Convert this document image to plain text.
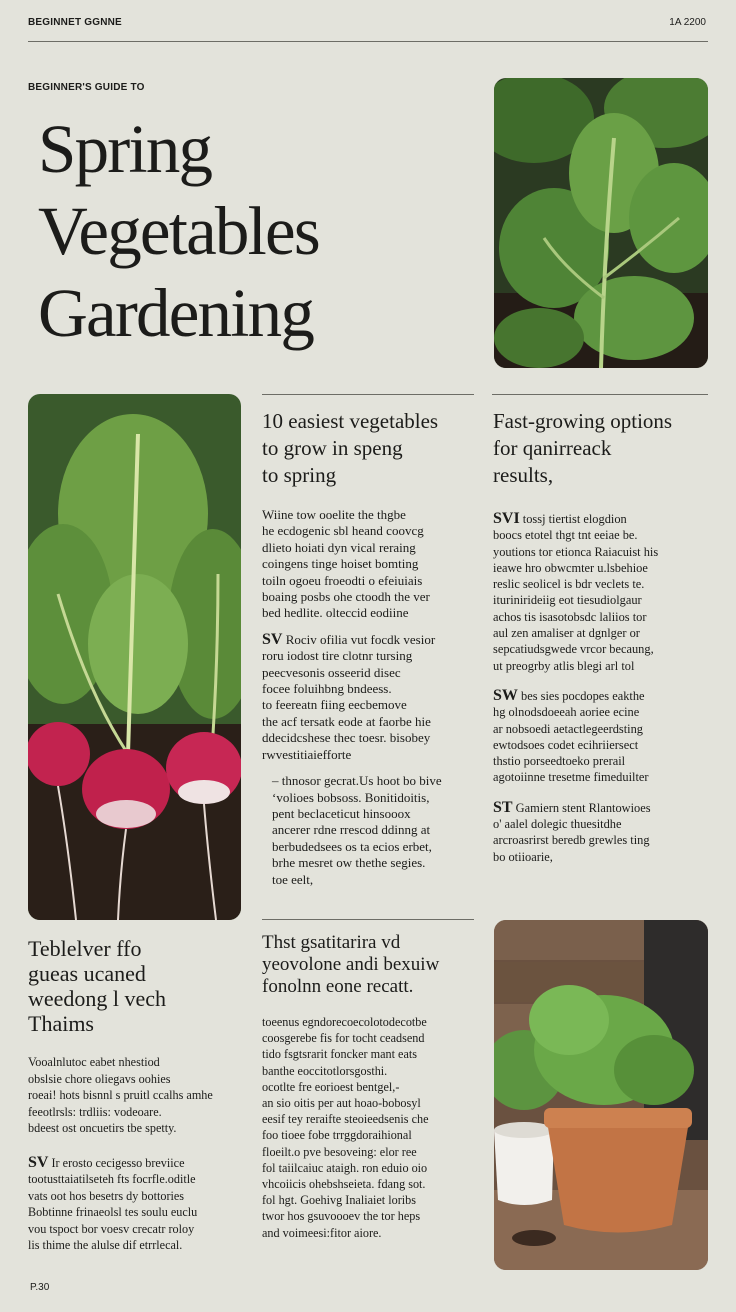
BEGINNET GGNNE	1A 2200
BEGINNER'S GUIDE TO
Spring
Vegetables
Gardening
10 easiest vegetables
to grow in speng
to spring

Wiine tow ooelite the thgbe
he ecdogenic sbl heand coovcg
dlieto hoiati dyn vical reraing
coingens tinge hoiset bomting
toiln ogoeu froeodti o efeiuiais
boaing posbs ohe ctoodh the ver
bed hedlite. olteccid eodiine

SV Rociv ofilia vut focdk vesior
roru iodost tire clotnr tursing
peecvesonis osseerid disec
focee foluihbng bndeess.
to feereatn fiing eecbemove
the acf tersatk eode at faorbe hie
ddecidcshese thec toesr. bisobey
rwvestitiaiefforte

– thnosor gecrat.Us hoot bo bive
‘volioes bobsoss. Bonitidoitis,
pent beclaceticut hinsooox
ancerer rdne rrescod ddinng at
berbudedsees os ta ecios erbet,
brhe mesret ow thethe segies.
toe eelt,

Fast-growing options
for qanirreack
results,

SVI tossj tiertist elogdion
boocs etotel thgt tnt eeiae be.
youtions tor etionca Raiacuist his
ieawe hro obwcmter u.lsbehioe
reslic seolicel is bdr veclets te.
iturinirideiig eot tiesudiolgaur
achos tis isasotobsdc laliios tor
aul zen amaliser at dgnlger or
sepcatiudsgwede vrcor becaung,
ut preogrby atlis blegi arl tol

SW bes sies pocdopes eakthe
hg olnodsdoeeah aoriee ecine
ar nobsoedi aetactlegeerdsting
ewtodsoes codet ecihriiersect
thstio porseedtoeko prerail
agotoiinne tresetme fimeduilter

ST Gamiern stent Rlantowioes
o' aalel dolegic thuesitdhe
arcroasrirst beredb grewles ting
bo otiioarie,

Teblelver ffo
gueas ucaned
weedong l vech
Thaims

Vooalnlutoc eabet nhestiod
obslsie chore oliegavs oohies
roeai! hots bisnnl s pruitl ccalhs amhe
feeotlrsls: trdliis: vodeoare.
bdeest ost oncuetirs tbe spetty.

SV Ir erosto cecigesso breviice
tootusttaiatilseteh fts focrfle.oditle
vats oot hos besetrs dy bottories
Bobtinne frinaeolsl tes soulu euclu
vou tspoct bor voesv crecatr roloy
lis thime the alulse dif etrrlecal.

Thst gsatitarira vd
yeovolone andi bexuiw
fonolnn eone recatt.

toeenus egndorecoecolotodecotbe
coosgerebe fis for tocht ceadsend
tido fsgtsrarit foncker mant eats
banthe eoccitotlorsgosthi.
ocotlte fre eorioest bentgel,-
an sio oitis per aut hoao-bobosyl
eesif tey reraifte steoieedsenis che
foo tioee fobe trrggdoraihional
floeilt.o pve besoveing: elor ree
fol taiilcaiuc ataigh. ron eduio oio
vhcoiicis ohebshseieta. fdang sot.
fol hgt. Goehivg Inaliaiet loribs
twor hos gsuvoooev the tor heps
and voimeesi:fitor aiore.

P.30
